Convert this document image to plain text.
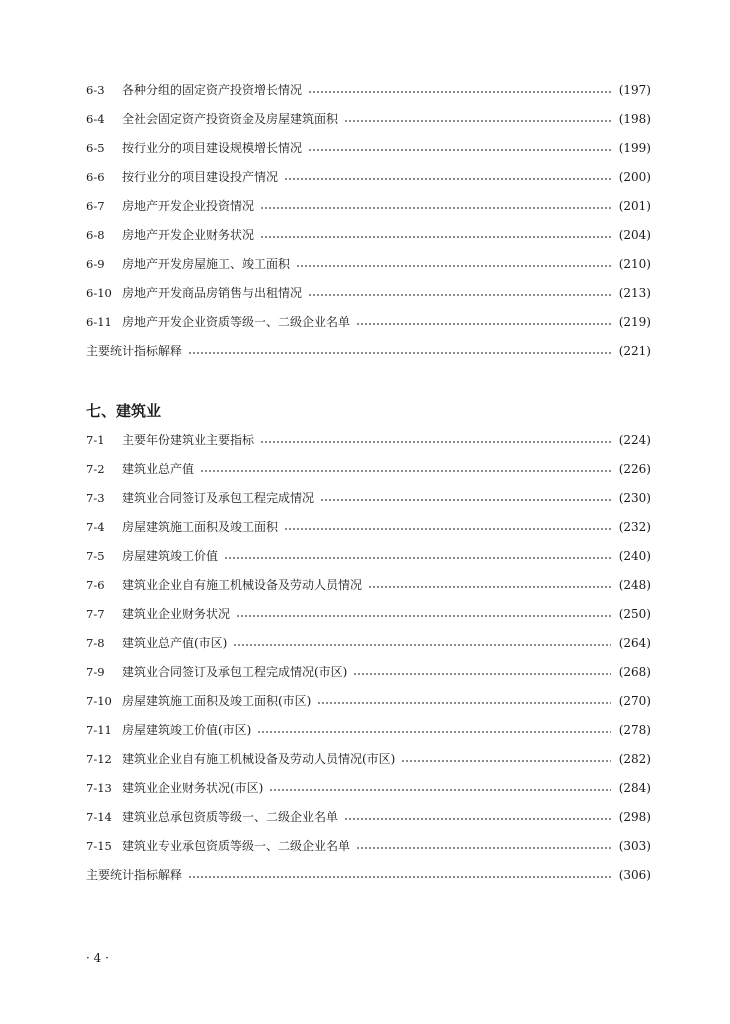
6-3	各种分组的固定资产投资增长情况	(197)
6-4	全社会固定资产投资资金及房屋建筑面积	(198)
6-5	按行业分的项目建设规模增长情况	(199)
6-6	按行业分的项目建设投产情况	(200)
6-7	房地产开发企业投资情况	(201)
6-8	房地产开发企业财务状况	(204)
6-9	房地产开发房屋施工、竣工面积	(210)
6-10 房地产开发商品房销售与出租情况	(213)
6-11 房地产开发企业资质等级一、二级企业名单	(219)
主要统计指标解释	(221)
七、建筑业
7-1	主要年份建筑业主要指标	(224)
7-2	建筑业总产值	(226)
7-3	建筑业合同签订及承包工程完成情况	(230)
7-4	房屋建筑施工面积及竣工面积	(232)
7-5	房屋建筑竣工价值	(240)
7-6	建筑业企业自有施工机械设备及劳动人员情况	(248)
7-7	建筑业企业财务状况	(250)
7-8	建筑业总产值(市区)	(264)
7-9	建筑业合同签订及承包工程完成情况(市区)	(268)
7-10 房屋建筑施工面积及竣工面积(市区)	(270)
7-11 房屋建筑竣工价值(市区)	(278)
7-12 建筑业企业自有施工机械设备及劳动人员情况(市区)	(282)
7-13 建筑业企业财务状况(市区)	(284)
7-14 建筑业总承包资质等级一、二级企业名单	(298)
7-15 建筑业专业承包资质等级一、二级企业名单	(303)
主要统计指标解释	(306)
· 4 ·
